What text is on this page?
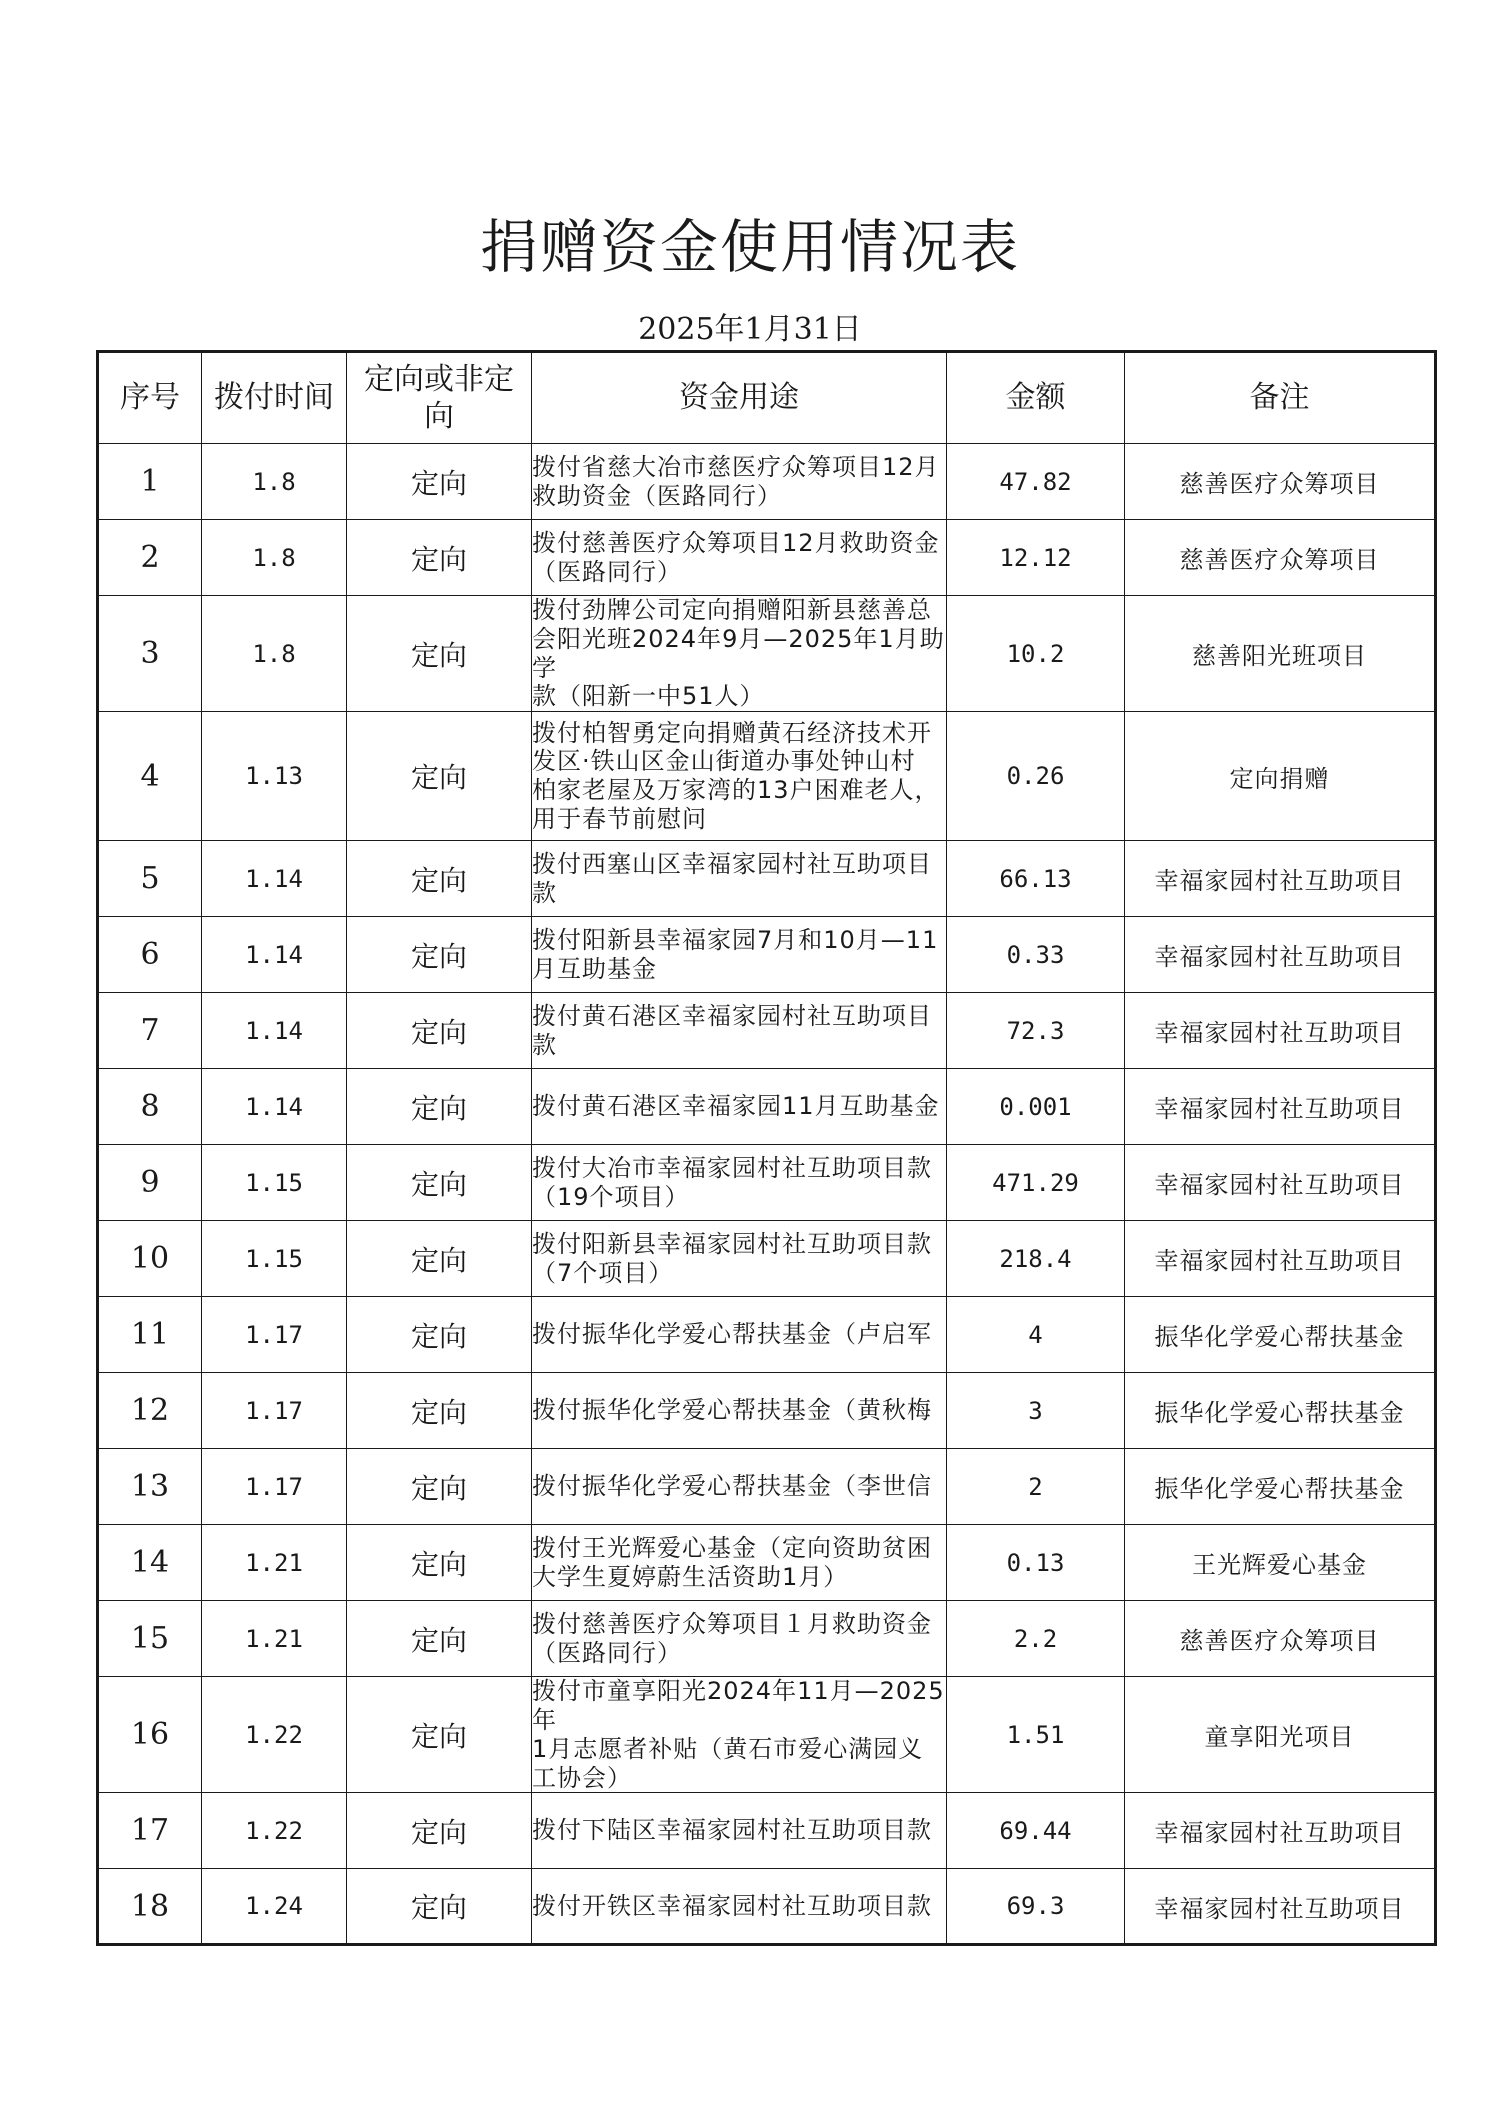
捐赠资金使用情况表
2025年1月31日
序号	拨付时间	定向或非定向	资金用途	金额	备注
1	1.8	定向	拨付省慈大冶市慈医疗众筹项目12月
救助资金（医路同行）	47.82	慈善医疗众筹项目
2	1.8	定向	拨付慈善医疗众筹项目12月救助资金
（医路同行）	12.12	慈善医疗众筹项目
3	1.8	定向	拨付劲牌公司定向捐赠阳新县慈善总
会阳光班2024年9月—2025年1月助学
款（阳新一中51人）	10.2	慈善阳光班项目
4	1.13	定向	拨付柏智勇定向捐赠黄石经济技术开
发区·铁山区金山街道办事处钟山村
柏家老屋及万家湾的13户困难老人，
用于春节前慰问	0.26	定向捐赠
5	1.14	定向	拨付西塞山区幸福家园村社互助项目
款	66.13	幸福家园村社互助项目
6	1.14	定向	拨付阳新县幸福家园7月和10月—11
月互助基金	0.33	幸福家园村社互助项目
7	1.14	定向	拨付黄石港区幸福家园村社互助项目
款	72.3	幸福家园村社互助项目
8	1.14	定向	拨付黄石港区幸福家园11月互助基金	0.001	幸福家园村社互助项目
9	1.15	定向	拨付大冶市幸福家园村社互助项目款
（19个项目）	471.29	幸福家园村社互助项目
10	1.15	定向	拨付阳新县幸福家园村社互助项目款
（7个项目）	218.4	幸福家园村社互助项目
11	1.17	定向	拨付振华化学爱心帮扶基金（卢启军	4	振华化学爱心帮扶基金
12	1.17	定向	拨付振华化学爱心帮扶基金（黄秋梅	3	振华化学爱心帮扶基金
13	1.17	定向	拨付振华化学爱心帮扶基金（李世信	2	振华化学爱心帮扶基金
14	1.21	定向	拨付王光辉爱心基金（定向资助贫困
大学生夏婷蔚生活资助1月）	0.13	王光辉爱心基金
15	1.21	定向	拨付慈善医疗众筹项目１月救助资金
（医路同行）	2.2	慈善医疗众筹项目
16	1.22	定向	拨付市童享阳光2024年11月—2025年
1月志愿者补贴（黄石市爱心满园义
工协会）	1.51	童享阳光项目
17	1.22	定向	拨付下陆区幸福家园村社互助项目款	69.44	幸福家园村社互助项目
18	1.24	定向	拨付开铁区幸福家园村社互助项目款	69.3	幸福家园村社互助项目
